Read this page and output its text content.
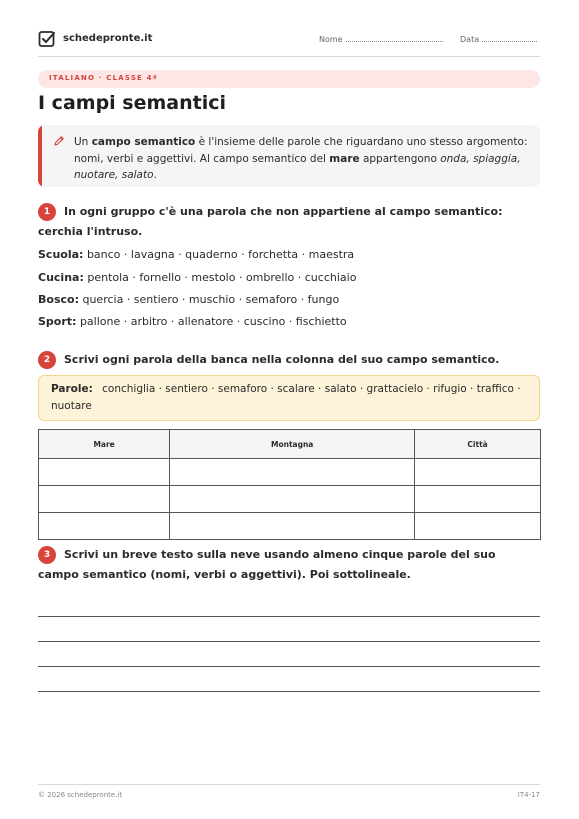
schedepronte.it	Nome	Data
ITALIANO · CLASSE 4ª
I campi semantici
Un campo semantico è l'insieme delle parole che riguardano uno stesso argomento: nomi, verbi e aggettivi. Al campo semantico del mare appartengono onda, spiaggia, nuotare, salato.
1	In ogni gruppo c'è una parola che non appartiene al campo semantico: cerchia l'intruso.
Scuola: banco · lavagna · quaderno · forchetta · maestra
Cucina: pentola · fornello · mestolo · ombrello · cucchiaio
Bosco: quercia · sentiero · muschio · semaforo · fungo
Sport: pallone · arbitro · allenatore · cuscino · fischietto
2	Scrivi ogni parola della banca nella colonna del suo campo semantico.
Parole: conchiglia · sentiero · semaforo · scalare · salato · grattacielo · rifugio · traffico · nuotare
Mare	Montagna	Città

3	Scrivi un breve testo sulla neve usando almeno cinque parole del suo campo semantico (nomi, verbi o aggettivi). Poi sottolineale.
© 2026 schedepronte.it	IT4-17
